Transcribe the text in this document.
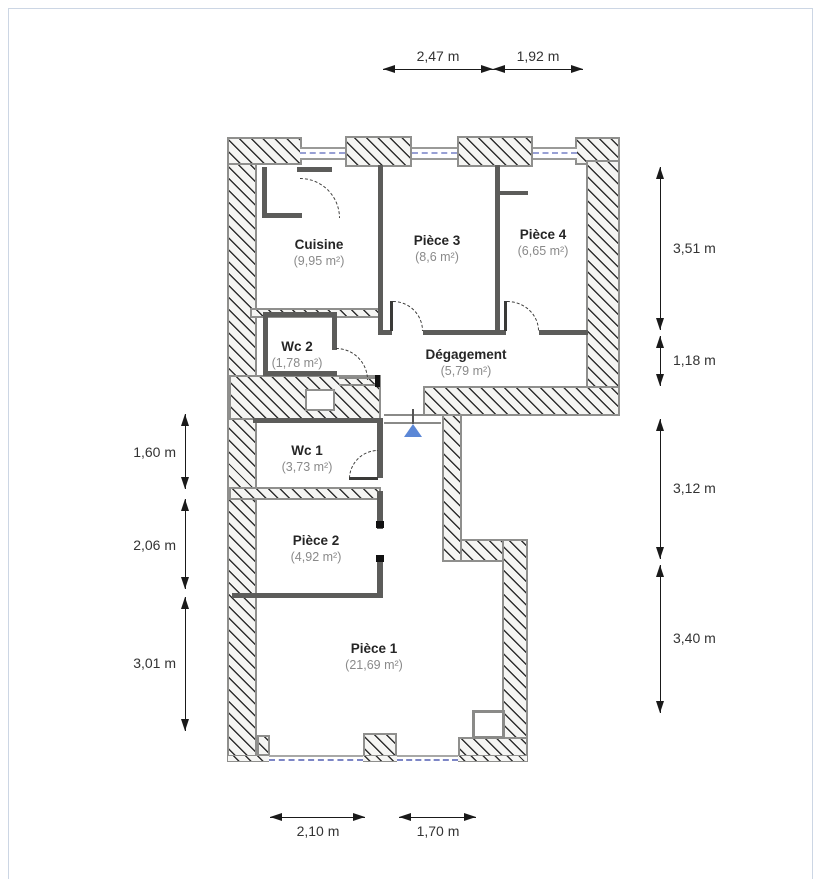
Cuisine
(9,95 m²)
Pièce 3
(8,6 m²)
Pièce 4
(6,65 m²)
Wc 2
(1,78 m²)
Dégagement
(5,79 m²)
Wc 1
(3,73 m²)
Pièce 2
(4,92 m²)
Pièce 1
(21,69 m²)
2,47 m	1,92 m
3,51 m
1,18 m
3,12 m
3,40 m
1,60 m
2,06 m
3,01 m
2,10 m	1,70 m
